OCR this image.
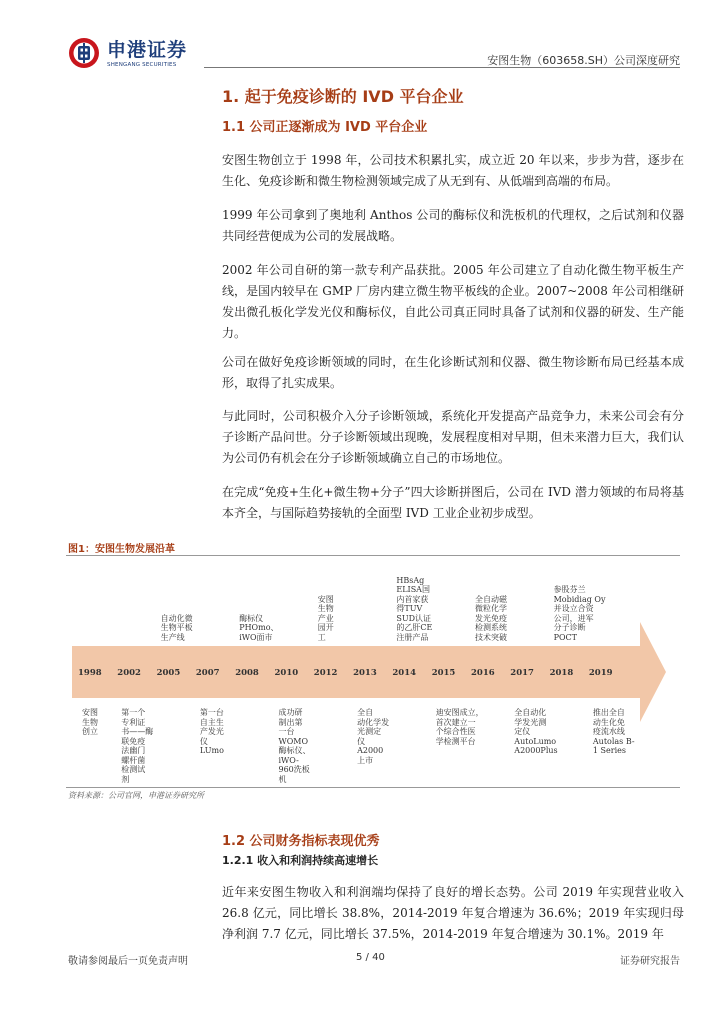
申港证券
SHENGANG SECURITIES	安图生物（603658.SH）公司深度研究
1. 起于免疫诊断的 IVD 平台企业
1.1 公司正逐渐成为 IVD 平台企业

安图生物创立于 1998 年，公司技术积累扎实，成立近 20 年以来，步步为营，逐步在生化、免疫诊断和微生物检测领域完成了从无到有、从低端到高端的布局。

1999 年公司拿到了奥地利 Anthos 公司的酶标仪和洗板机的代理权，之后试剂和仪器共同经营便成为公司的发展战略。

2002 年公司自研的第一款专利产品获批。2005 年公司建立了自动化微生物平板生产线，是国内较早在 GMP 厂房内建立微生物平板线的企业。2007~2008 年公司相继研发出微孔板化学发光仪和酶标仪，自此公司真正同时具备了试剂和仪器的研发、生产能力。

公司在做好免疫诊断领域的同时，在生化诊断试剂和仪器、微生物诊断布局已经基本成形，取得了扎实成果。

与此同时，公司积极介入分子诊断领域，系统化开发提高产品竞争力，未来公司会有分子诊断产品问世。分子诊断领域出现晚，发展程度相对早期，但未来潜力巨大，我们认为公司仍有机会在分子诊断领域确立自己的市场地位。

在完成“免疫+生化+微生物+分子”四大诊断拼图后，公司在 IVD 潜力领域的布局将基本齐全，与国际趋势接轨的全面型 IVD 工业企业初步成型。

图1：安图生物发展沿革
1998	2002	2005	2007	2008	2010	2012	2013	2014	2015	2016	2017	2018	2019
自动化微
生物平板
生产线
酶标仪
PHOmo、
iWO面市
安图
生物
产业
园开
工
HBsAg
ELISA国
内首家获
得TUV
SUD认证
的乙肝CE
注册产品
全自动磁
微粒化学
发光免疫
检测系统
技术突破
参股芬兰
Mobidiag Oy
并设立合资
公司，进军
分子诊断
POCT
安图
生物
创立
第一个
专利证
书——酶
联免疫
法幽门
螺杆菌
检测试
剂
第一台
自主生
产发光
仪
LUmo
成功研
制出第
一台
WOMO
酶标仪、
iWO-
960洗板
机
全自
动化学发
光测定
仪
A2000
上市
迪安图成立，
首次建立一
个综合性医
学检测平台
全自动化
学发光测
定仪
AutoLumo
A2000Plus
推出全自
动生化免
疫流水线
Autolas B-
1 Series
资料来源：公司官网，申港证券研究所
1.2 公司财务指标表现优秀
1.2.1 收入和利润持续高速增长

近年来安图生物收入和利润端均保持了良好的增长态势。公司 2019 年实现营业收入 26.8 亿元，同比增长 38.8%，2014-2019 年复合增速为 36.6%；2019 年实现归母净利润 7.7 亿元，同比增长 37.5%，2014-2019 年复合增速为 30.1%。2019 年

敬请参阅最后一页免责声明	5 / 40	证券研究报告
